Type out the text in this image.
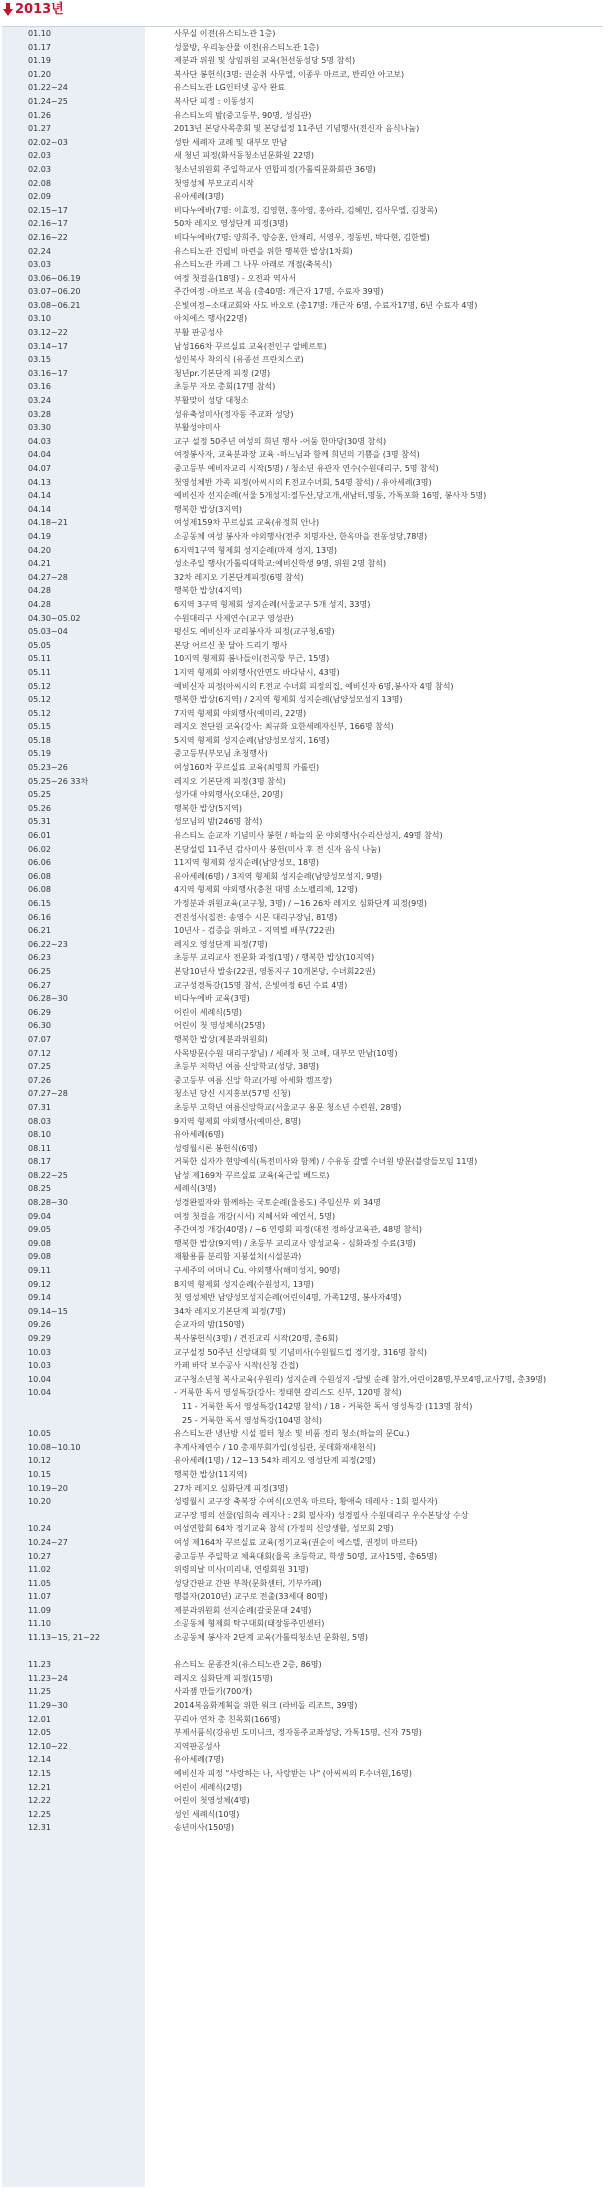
2013년
01.10	사무실 이전(유스티노관 1층)
01.17	성물방, 우리농산물 이전(유스티노관 1층)
01.19	제분과 위원 및 상임위원 교육(천선동성당 5명 참석)
01.20	복사단 봉헌식(3명: 권순취 사무엘, 이종우 마르코, 반리안 아고보)
01.22~24	유스티노관 LG인터넷 공사 완료
01.24~25	복사단 피정 : 이동성지
01.26	유스티노의 밤(중고등부, 90명, 성심관)
01.27	2013년 본당사목총회 및 본당설정 11주년 기념행사(전신자 음식나눔)
02.02~03	성탄 세례자 교례 및 대부모 만남
02.03	새 청년 피정(화서동청소년문화원 22명)
02.03	청소년위원회 주일학교사 연합피정(가톨릭문화회관 36명)
02.08	첫영성체 부모교리시작
02.09	유아세례(3명)
02.15~17	비다누에바(7명: 이효정, 김영현, 홍아영, 홍아라, 김혜민, 김사무엘, 김창목)
02.16~17	50차 레지오 영성단계 피정(3명)
02.16~22	비다누에바(7명: 양희주, 양승훈, 안채리, 서영우, 정동빈, 박다현, 김한별)
02.24	유스티노관 건립비 마련을 위한 행복한 밥상(1차회)
03.03	유스티노관 카페 그 나무 아래로 개점(축복식)
03.06~06.19	여정 첫걸음(18명) - 오전과 역사서
03.07~06.20	주간여정 -마르코 복음 (총40명: 개근자 17명, 수료자 39명)
03.08~06.21	은빛여정~소대교회와 사도 바오로 (총17명: 개근자 6명, 수료자17명, 6년 수료자 4명)
03.10	아치에스 행사(22명)
03.12~22	부활 판공성사
03.14~17	남성166차 꾸르실료 교육(전인구 알베르토)
03.15	성인복사 착의식 (유종선 프란치스코)
03.16~17	청년pr.기본단계 피정 (2명)
03.16	초등부 자모 총회(17명 참석)
03.24	부활맞이 성당 대청소
03.28	성유축성미사(정자동 주교좌 성당)
03.30	부활성야미사
04.03	교구 설정 50주년 여성의 희년 행사 -어둠 한마당(30명 참석)
04.04	여정봉사자, 교육분과장 교육 -하느님과 함께 희년의 기쁨을 (3명 참석)
04.07	중고등부 예비자교리 시작(5명) / 청소년 유관자 연수(수원대리구, 5명 참석)
04.13	첫영성체반 가족 피정(아씨시의 F.전교수녀회, 54명 참석) / 유아세례(3명)
04.14	예비신자 선지순례(서울 5개성지:절두산,당고개,새남터,명동, 가톡포화 16명, 봉사자 5명)
04.14	행복한 밥상(3지역)
04.18~21	여성제159차 꾸르실료 교육(유정희 안나)
04.19	소공동체 여성 봉사자 야외행사(전주 치명자산, 한옥마을 전동성당,78명)
04.20	6지역1구역 형제회 성지순례(마재 성지, 13명)
04.21	성소주일 행사(가톨릭대학교:예비신학생 9명, 위원 2명 참석)
04.27~28	32차 레지오 기본단계피정(6명 참석)
04.28	행복한 밥상(4지역)
04.28	6지역 3구역 형제회 성지순례(서울교구 5개 성지, 33명)
04.30~05.02	수원대리구 사제연수(교구 영성관)
05.03~04	평신도 예비신자 교리봉사자 피정(교구청,6명)
05.05	본당 어르신 꽃 달아 드리기 행사
05.11	10지역 형제회 봄나들이(전곡항 부근, 15명)
05.11	1지역 형제회 야외행사(안면도 바다낚시, 43명)
05.12	예비신자 피정(아씨시의 F.전교 수녀회 피정의집, 예비신자 6명,봉사자 4명 참석)
05.12	행복한 밥상(6지역) / 2지역 형제회 성지순례(남양성모성지 13명)
05.12	7지역 형제회 야외행사(예미리, 22명)
05.15	레지오 전단원 교육(강사: 최규화 요한세례자신부, 166명 참석)
05.18	5지역 형제회 성지순례(남양성모성지, 16명)
05.19	중고등부(부모님 초청행사)
05.23~26	여성160차 꾸르실료 교육(최명희 카롤린)
05.25~26 33차	레지오 기본단계 피정(3명 참석)
05.25	성가대 야외행사(오대산, 20명)
05.26	행복한 밥상(5지역)
05.31	성모님의 밤(246명 참석)
06.01	유스티노 순교자 기념미사 봉헌 / 하늘의 문 야외행사(수리산성지, 49명 참석)
06.02	본당설립 11주년 감사미사 봉헌(미사 후 전 신자 음식 나눔)
06.06	11지역 형제회 성지순례(남양성모, 18명)
06.08	유아세례(6명) / 3지역 형제회 성지순례(남양성모성지, 9명)
06.08	4지역 형제회 야외행사(충천 대명 소노펠리체, 12명)
06.15	가정분과 위원교육(교구청, 3명) / ~16 26차 레지오 심화단계 피정(9명)
06.16	견진성사(집전: 송영수 시몬 대리구장님, 81명)
06.21	10년사 - 검증을 위하고 - 지역별 배부(722권)
06.22~23	레지오 영성단계 피정(7명)
06.23	초등부 교리교사 전문화 과정(1명) / 행복한 밥상(10지역)
06.25	본당10년사 발송(22권, 영통지구 10개본당, 수녀회22권)
06.27	교구성경특강(15명 참석, 은빛여정 6년 수료 4명)
06.28~30	비다누에바 교육(3명)
06.29	어린이 세례식(5명)
06.30	어린이 첫 영성체식(25명)
07.07	행복한 밥상(제분과위원회)
07.12	사목방문(수원 대리구장님) / 세례자 첫 고해, 대부모 만남(10명)
07.25	초등부 저학년 여름 신앙학교(성당, 38명)
07.26	중고등부 여름 신앙 학교(가평 아세화 캠프장)
07.27~28	청소년 당신 시지홍보(57명 신청)
07.31	초등부 고학년 여름신앙학교(서울교구 용문 청소년 수련원, 28명)
08.03	9지역 형제회 야외행사(예미산, 8명)
08.10	유아세례(6명)
08.11	성령월시론 봉헌식(6명)
08.17	거룩한 십자가 현양예식(특전미사와 함께) / 수유동 갈멜 수녀원 방문(블랑들모임 11명)
08.22~25	남성 제169차 꾸르실료 교육(육근일 베드로)
08.25	세례식(3명)
08.28~30	성경완필자와 함께하는 국토순례(울릉도) 주임신부 외 34명
09.04	여정 첫걸음 개강(시서) 지혜서와 예언서, 5명)
09.05	주간여정 개강(40명) / ~6 연령회 피정(대전 정하상교육관, 48명 참석)
09.08	행복한 밥상(9지역) / 초등부 교리교사 양성교육 - 심화과정 수료(3명)
09.08	재활용품 분리함 지붕설치(시설분과)
09.11	구세주의 어머니 Cu. 야외행사(해미성지, 90명)
09.12	8지역 형제회 성지순례(수원성지, 13명)
09.14	첫 영성체반 남양성모성지순례(어린이4명, 가족12명, 봉사자4명)
09.14~15	34차 레지오기본단계 피정(7명)
09.26	순교자의 밤(150명)
09.29	복사봉헌식(3명) / 견진교리 시작(20명, 총6회)
10.03	교구설정 50주년 신앙대회 및 기념미사(수원월드컵 경기장, 316명 참석)
10.03	카페 바닥 보수공사 시작(신청 간접)
10.04	교구청소년청 복사교육(우원리) 성지순례 수원성지 -달빛 순례 참가,어린이28명,부모4명,교사7명, 총39명)
10.04	- 거룩한 독서 영성특강(강사: 정태현 갈리스도 신부, 120명 참석)
11 - 거룩한 독서 영성특강(142명 참석) / 18 - 거룩한 독서 영성특강 (113명 참석)
25 - 거룩한 독서 영성특강(104명 참석)
10.05	유스티노관 냉난방 시설 필터 청소 및 비품 정리 청소(하늘의 문Cu.)
10.08~10.10	추계사제연수 / 10 총재부회가입(성심관, 롯데화재새천식)
10.12	유아세례(1명) / 12~13 54차 레지오 영성단계 피정(2명)
10.15	행복한 밥상(11지역)
10.19~20	27차 레지오 심화단계 피정(3명)
10.20	성령월시 교구장 축복장 수여식(오연옥 마르타, 황애숙 데레사 : 1회 필사자)
교구장 명의 선물(임희숙 레지나 : 2회 필사자) 성경필사 수원대리구 우수본당상 수상
10.24	여성연합회 64차 정기교육 참석 (가정의 신앙생활, 성모회 2명)
10.24~27	여성 제164차 꾸르실료 교육(정기교육(권순이 에스텔, 권정미 마르타)
10.27	중고등부 주일학교 체육대회(율목 초등학교, 학생 50명, 교사15명, 총65명)
11.02	위령의날 미사(미리내, 연령회원 31명)
11.05	성당간판교 간판 부착(문화센터, 기부카페)
11.07	행블자(2010년) 교구로 전출(33세대 80명)
11.09	제분과위원회 선지순례(갈곶문대 24명)
11.10	소공동체 형제회 탁구대회(태장동주민센터)
11.13~15, 21~22	소공동체 봉사자 2단계 교육(가톨릭청소년 문화원, 5명)
11.23	유스티노 문종잔치(유스티노관 2층, 86명)
11.23~24	레지오 심화단계 피정(15명)
11.25	사과잼 만들기(700개)
11.29~30	2014복음화계획을 위한 워크 (라비돌 리조트, 39명)
12.01	꾸리아 연차 총 친목회(166명)
12.05	부제서품식(강유빈 도미니크, 정자동주교좌성당, 가톡15명, 신자 75명)
12.10~22	지역판공성사
12.14	유아세례(7명)
12.15	예비신자 피정 "사랑하는 나, 사랑받는 나" (아씨씨의 F.수녀원,16명)
12.21	어린이 세례식(2명)
12.22	어린이 첫영성체(4명)
12.25	성인 세례식(10명)
12.31	송년미사(150명)
